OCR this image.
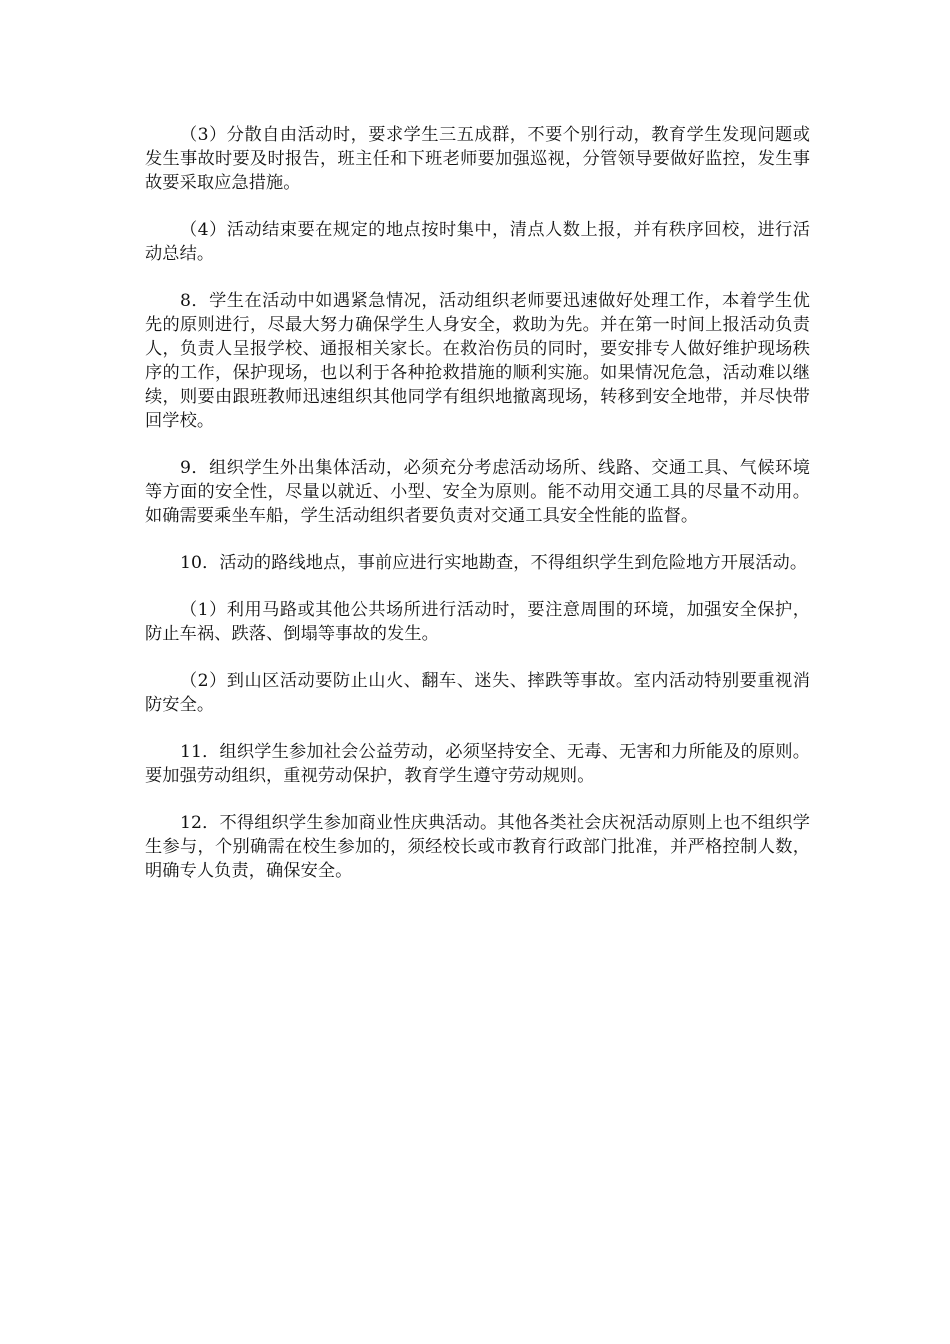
（3）分散自由活动时，要求学生三五成群，不要个别行动，教育学生发现问题或发生事故时要及时报告，班主任和下班老师要加强巡视，分管领导要做好监控，发生事故要采取应急措施。

（4）活动结束要在规定的地点按时集中，清点人数上报，并有秩序回校，进行活动总结。

8．学生在活动中如遇紧急情况，活动组织老师要迅速做好处理工作，本着学生优先的原则进行，尽最大努力确保学生人身安全，救助为先。并在第一时间上报活动负责人，负责人呈报学校、通报相关家长。在救治伤员的同时，要安排专人做好维护现场秩序的工作，保护现场，也以利于各种抢救措施的顺利实施。如果情况危急，活动难以继续，则要由跟班教师迅速组织其他同学有组织地撤离现场，转移到安全地带，并尽快带回学校。

9．组织学生外出集体活动，必须充分考虑活动场所、线路、交通工具、气候环境等方面的安全性，尽量以就近、小型、安全为原则。能不动用交通工具的尽量不动用。如确需要乘坐车船，学生活动组织者要负责对交通工具安全性能的监督。

10．活动的路线地点，事前应进行实地勘查，不得组织学生到危险地方开展活动。

（1）利用马路或其他公共场所进行活动时，要注意周围的环境，加强安全保护，防止车祸、跌落、倒塌等事故的发生。

（2）到山区活动要防止山火、翻车、迷失、摔跌等事故。室内活动特别要重视消防安全。

11．组织学生参加社会公益劳动，必须坚持安全、无毒、无害和力所能及的原则。要加强劳动组织，重视劳动保护，教育学生遵守劳动规则。

12．不得组织学生参加商业性庆典活动。其他各类社会庆祝活动原则上也不组织学生参与，个别确需在校生参加的，须经校长或市教育行政部门批准，并严格控制人数，明确专人负责，确保安全。
